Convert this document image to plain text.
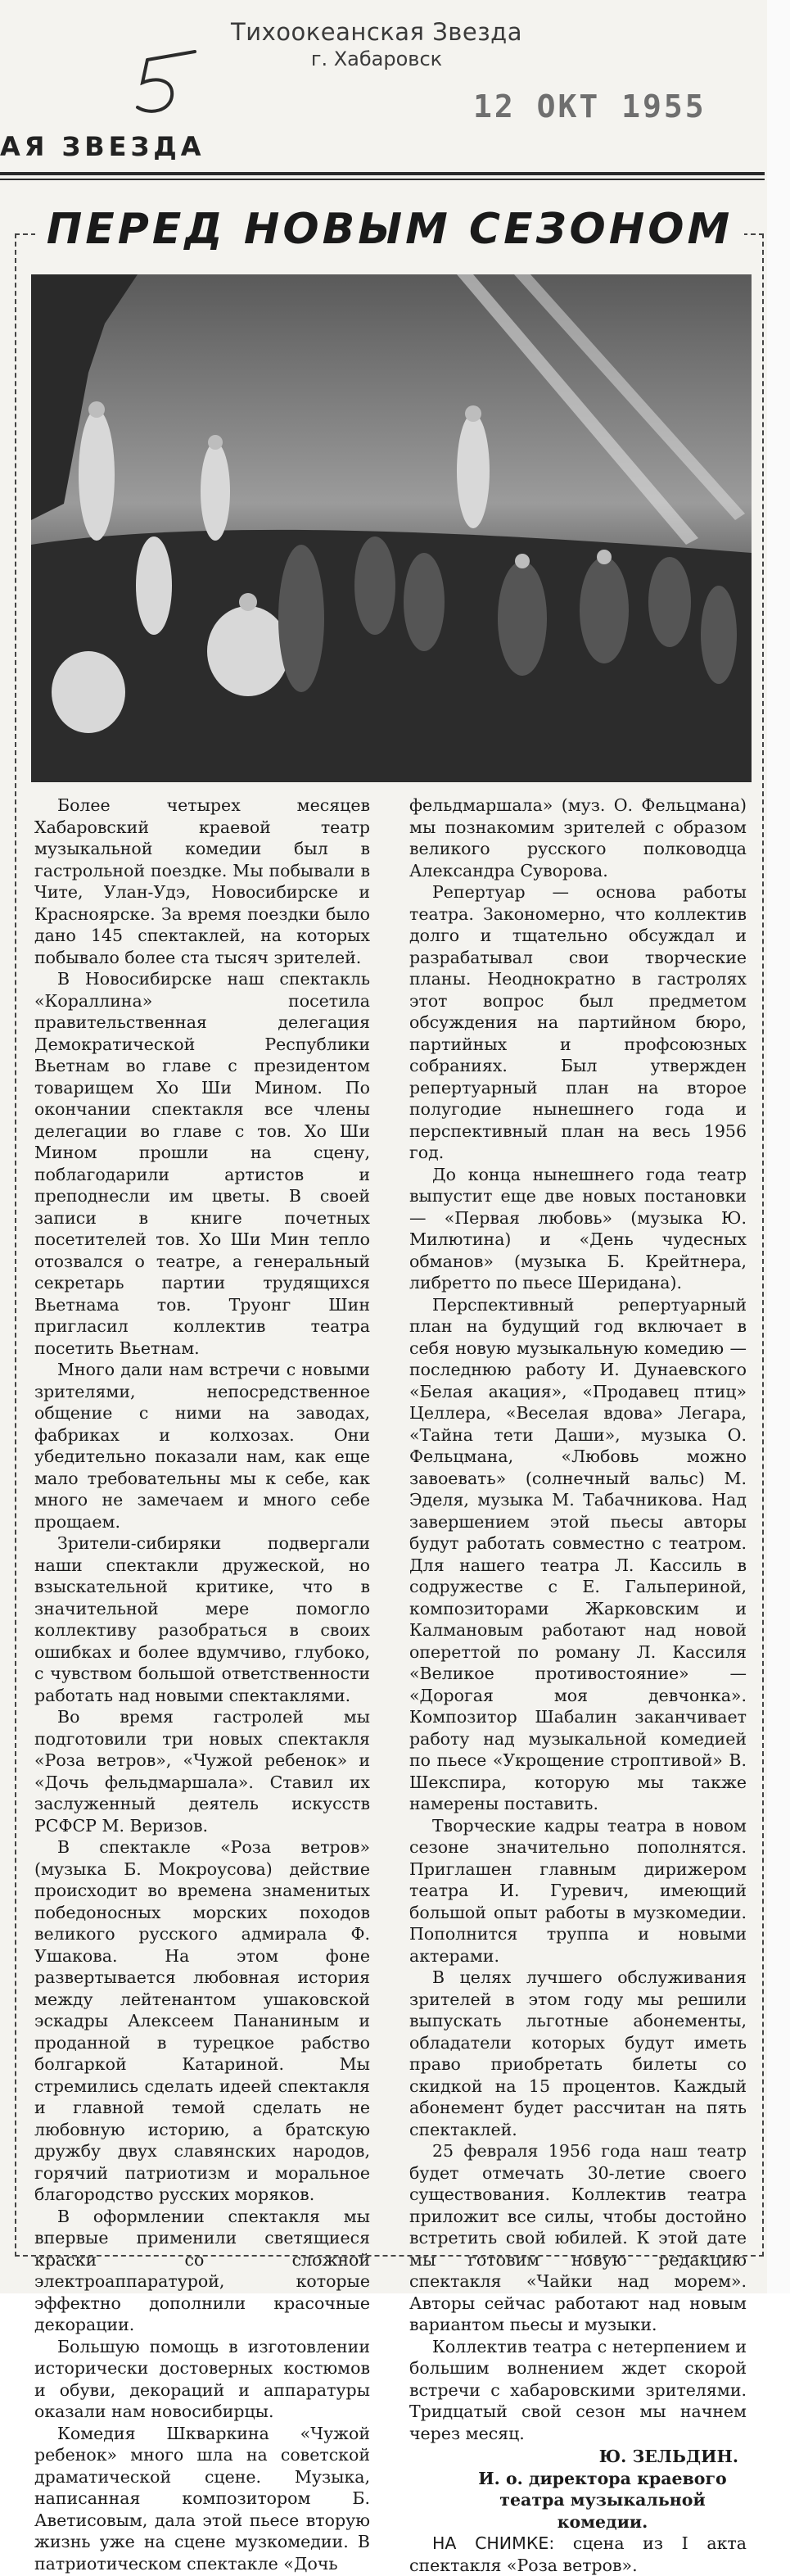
Тихоокеанская Звезда
г. Хабаровск
12 ОКТ 1955
АЯ ЗВЕЗДА
ПЕРЕД НОВЫМ СЕЗОНОМ

Более четырех месяцев Хабаровский краевой театр музыкальной комедии был в гастрольной поездке. Мы побывали в Чите, Улан-Удэ, Новосибирске и Красноярске. За время поездки было дано 145 спектаклей, на которых побывало более ста тысяч зрителей.

В Новосибирске наш спектакль «Кораллина» посетила правительственная делегация Демократической Республики Вьетнам во главе с президентом товарищем Хо Ши Мином. По окончании спектакля все члены делегации во главе с тов. Хо Ши Мином прошли на сцену, поблагодарили артистов и преподнесли им цветы. В своей записи в книге почетных посетителей тов. Хо Ши Мин тепло отозвался о театре, а генеральный секретарь партии трудящихся Вьетнама тов. Труонг Шин пригласил коллектив театра посетить Вьетнам.

Много дали нам встречи с новыми зрителями, непосредственное общение с ними на заводах, фабриках и колхозах. Они убедительно показали нам, как еще мало требовательны мы к себе, как много не замечаем и много себе прощаем.

Зрители-сибиряки подвергали наши спектакли дружеской, но взыскательной критике, что в значительной мере помогло коллективу разобраться в своих ошибках и более вдумчиво, глубоко, с чувством большой ответственности работать над новыми спектаклями.

Во время гастролей мы подготовили три новых спектакля «Роза ветров», «Чужой ребенок» и «Дочь фельдмаршала». Ставил их заслуженный деятель искусств РСФСР М. Веризов.

В спектакле «Роза ветров» (музыка Б. Мокроусова) действие происходит во времена знаменитых победоносных морских походов великого русского адмирала Ф. Ушакова. На этом фоне развертывается любовная история между лейтенантом ушаковской эскадры Алексеем Пананиным и проданной в турецкое рабство болгаркой Катариной. Мы стремились сделать идеей спектакля и главной темой сделать не любовную историю, а братскую дружбу двух славянских народов, горячий патриотизм и моральное благородство русских моряков.

В оформлении спектакля мы впервые применили светящиеся краски со сложной электроаппаратурой, которые эффектно дополнили красочные декорации.

Большую помощь в изготовлении исторически достоверных костюмов и обуви, декораций и аппаратуры оказали нам новосибирцы.

Комедия Шкваркина «Чужой ребенок» много шла на советской драматической сцене. Музыка, написанная композитором Б. Аветисовым, дала этой пьесе вторую жизнь уже на сцене музкомедии. В патриотическом спектакле «Дочь

фельдмаршала» (муз. О. Фельцмана) мы познакомим зрителей с образом великого русского полководца Александра Суворова.

Репертуар — основа работы театра. Закономерно, что коллектив долго и тщательно обсуждал и разрабатывал свои творческие планы. Неоднократно в гастролях этот вопрос был предметом обсуждения на партийном бюро, партийных и профсоюзных собраниях. Был утвержден репертуарный план на второе полугодие нынешнего года и перспективный план на весь 1956 год.

До конца нынешнего года театр выпустит еще две новых постановки — «Первая любовь» (музыка Ю. Милютина) и «День чудесных обманов» (музыка Б. Крейтнера, либретто по пьесе Шеридана).

Перспективный репертуарный план на будущий год включает в себя новую музыкальную комедию — последнюю работу И. Дунаевского «Белая акация», «Продавец птиц» Целлера, «Веселая вдова» Легара, «Тайна тети Даши», музыка О. Фельцмана, «Любовь можно завоевать» (солнечный вальс) М. Эделя, музыка М. Табачникова. Над завершением этой пьесы авторы будут работать совместно с театром. Для нашего театра Л. Кассиль в содружестве с Е. Гальпериной, композиторами Жарковским и Калмановым работают над новой опереттой по роману Л. Кассиля «Великое противостояние» — «Дорогая моя девчонка». Композитор Шабалин заканчивает работу над музыкальной комедией по пьесе «Укрощение строптивой» В. Шекспира, которую мы также намерены поставить.

Творческие кадры театра в новом сезоне значительно пополнятся. Приглашен главным дирижером театра И. Гуревич, имеющий большой опыт работы в музкомедии. Пополнится труппа и новыми актерами.

В целях лучшего обслуживания зрителей в этом году мы решили выпускать льготные абонементы, обладатели которых будут иметь право приобретать билеты со скидкой на 15 процентов. Каждый абонемент будет рассчитан на пять спектаклей.

25 февраля 1956 года наш театр будет отмечать 30-летие своего существования. Коллектив театра приложит все силы, чтобы достойно встретить свой юбилей. К этой дате мы готовим новую редакцию спектакля «Чайки над морем». Авторы сейчас работают над новым вариантом пьесы и музыки.

Коллектив театра с нетерпением и большим волнением ждет скорой встречи с хабаровскими зрителями. Тридцатый свой сезон мы начнем через месяц.

Ю. ЗЕЛЬДИН.
И. о. директора краевого театра музыкальной комедии.

НА СНИМКЕ: сцена из I акта спектакля «Роза ветров».
